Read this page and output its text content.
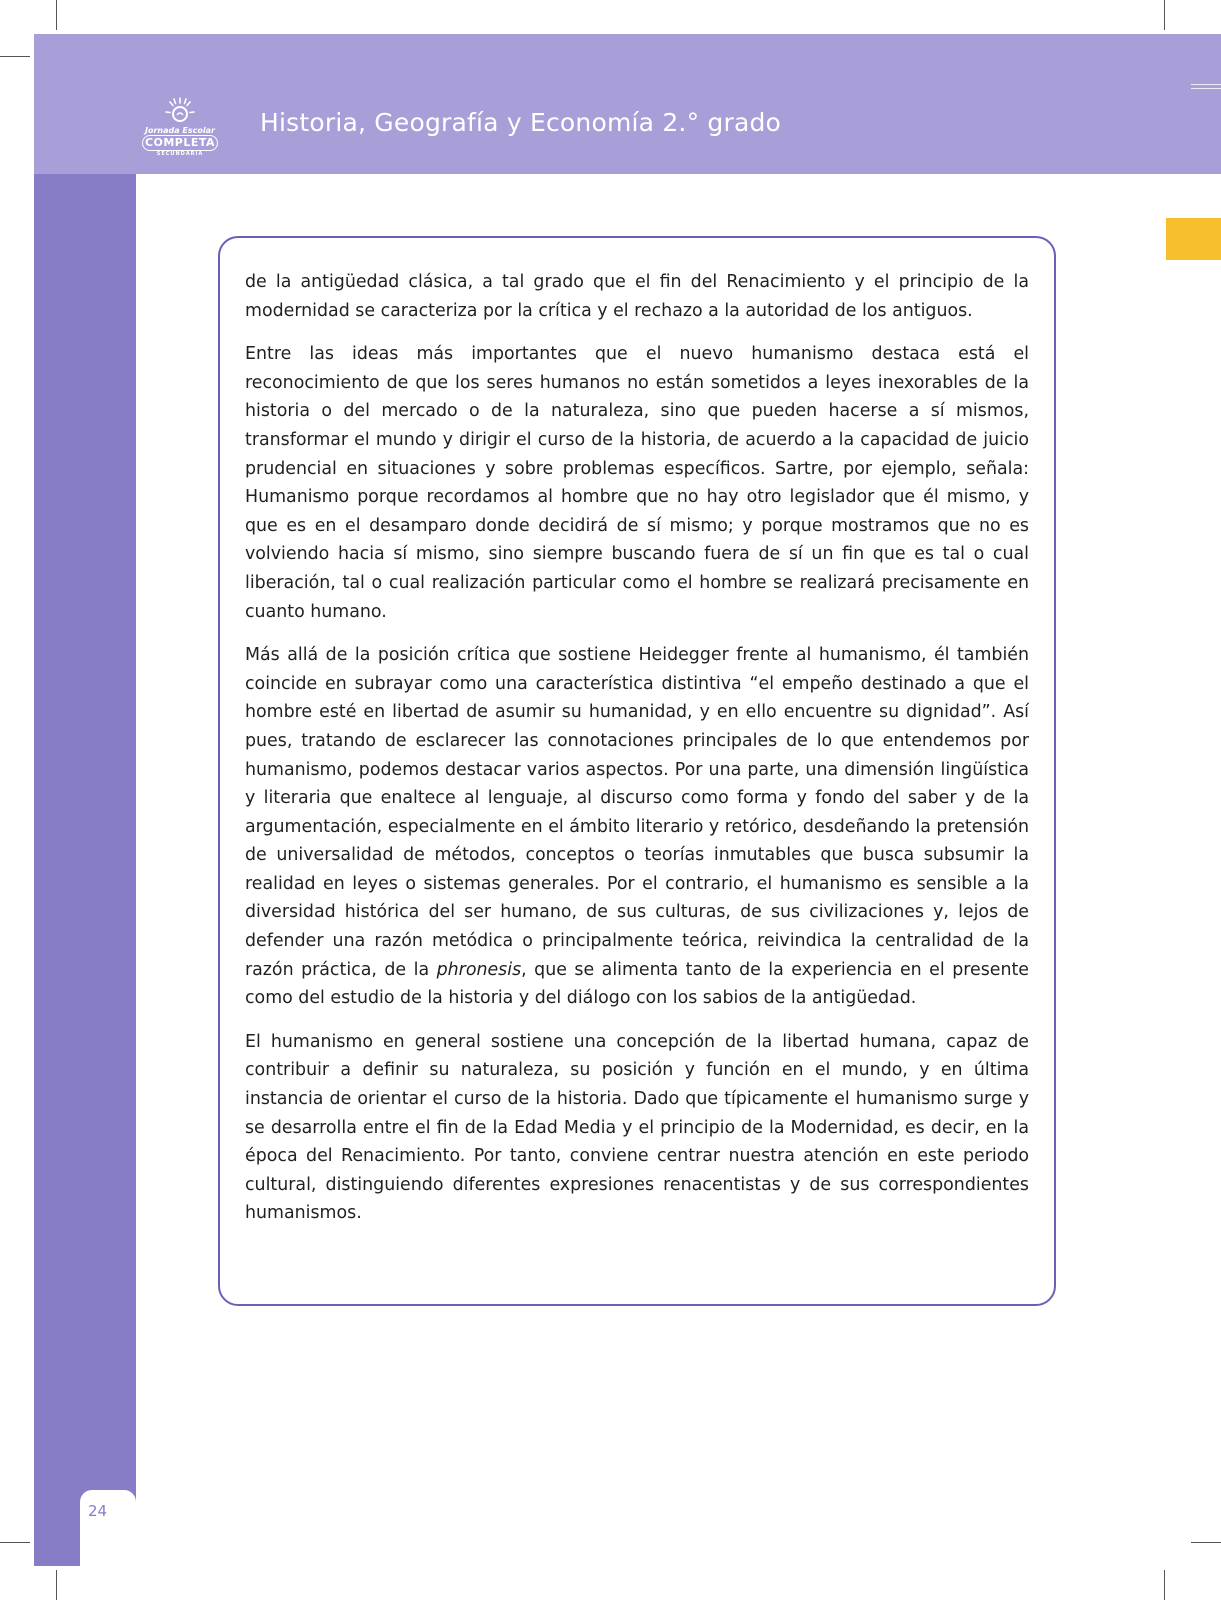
Jornada Escolar
COMPLETA
SECUNDARIA
Historia, Geografía y Economía 2.° grado
24

de la antigüedad clásica, a tal grado que el fin del Renacimiento y el principio de la modernidad se caracteriza por la crítica y el rechazo a la autoridad de los antiguos.

Entre las ideas más importantes que el nuevo humanismo destaca está el reconocimiento de que los seres humanos no están sometidos a leyes inexorables de la historia o del mercado o de la naturaleza, sino que pueden hacerse a sí mismos, transformar el mundo y dirigir el curso de la historia, de acuerdo a la capacidad de juicio prudencial en situaciones y sobre problemas específicos. Sartre, por ejemplo, señala: Humanismo porque recordamos al hombre que no hay otro legislador que él mismo, y que es en el desamparo donde decidirá de sí mismo; y porque mostramos que no es volviendo hacia sí mismo, sino siempre buscando fuera de sí un fin que es tal o cual liberación, tal o cual realización particular como el hombre se realizará precisamente en cuanto humano.

Más allá de la posición crítica que sostiene Heidegger frente al humanismo, él también coincide en subrayar como una característica distintiva “el empeño destinado a que el hombre esté en libertad de asumir su humanidad, y en ello encuentre su dignidad”. Así pues, tratando de esclarecer las connotaciones principales de lo que entendemos por humanismo, podemos destacar varios aspectos. Por una parte, una dimensión lingüística y literaria que enaltece al lenguaje, al discurso como forma y fondo del saber y de la argumentación, especialmente en el ámbito literario y retórico, desdeñando la pretensión de universalidad de métodos, conceptos o teorías inmutables que busca subsumir la realidad en leyes o sistemas generales. Por el contrario, el humanismo es sensible a la diversidad histórica del ser humano, de sus culturas, de sus civilizaciones y, lejos de defender una razón metódica o principalmente teórica, reivindica la centralidad de la razón práctica, de la phronesis, que se alimenta tanto de la experiencia en el presente como del estudio de la historia y del diálogo con los sabios de la antigüedad.

El humanismo en general sostiene una concepción de la libertad humana, capaz de contribuir a definir su naturaleza, su posición y función en el mundo, y en última instancia de orientar el curso de la historia. Dado que típicamente el humanismo surge y se desarrolla entre el fin de la Edad Media y el principio de la Modernidad, es decir, en la época del Renacimiento. Por tanto, conviene centrar nuestra atención en este periodo cultural, distinguiendo diferentes expresiones renacentistas y de sus correspondientes humanismos.
